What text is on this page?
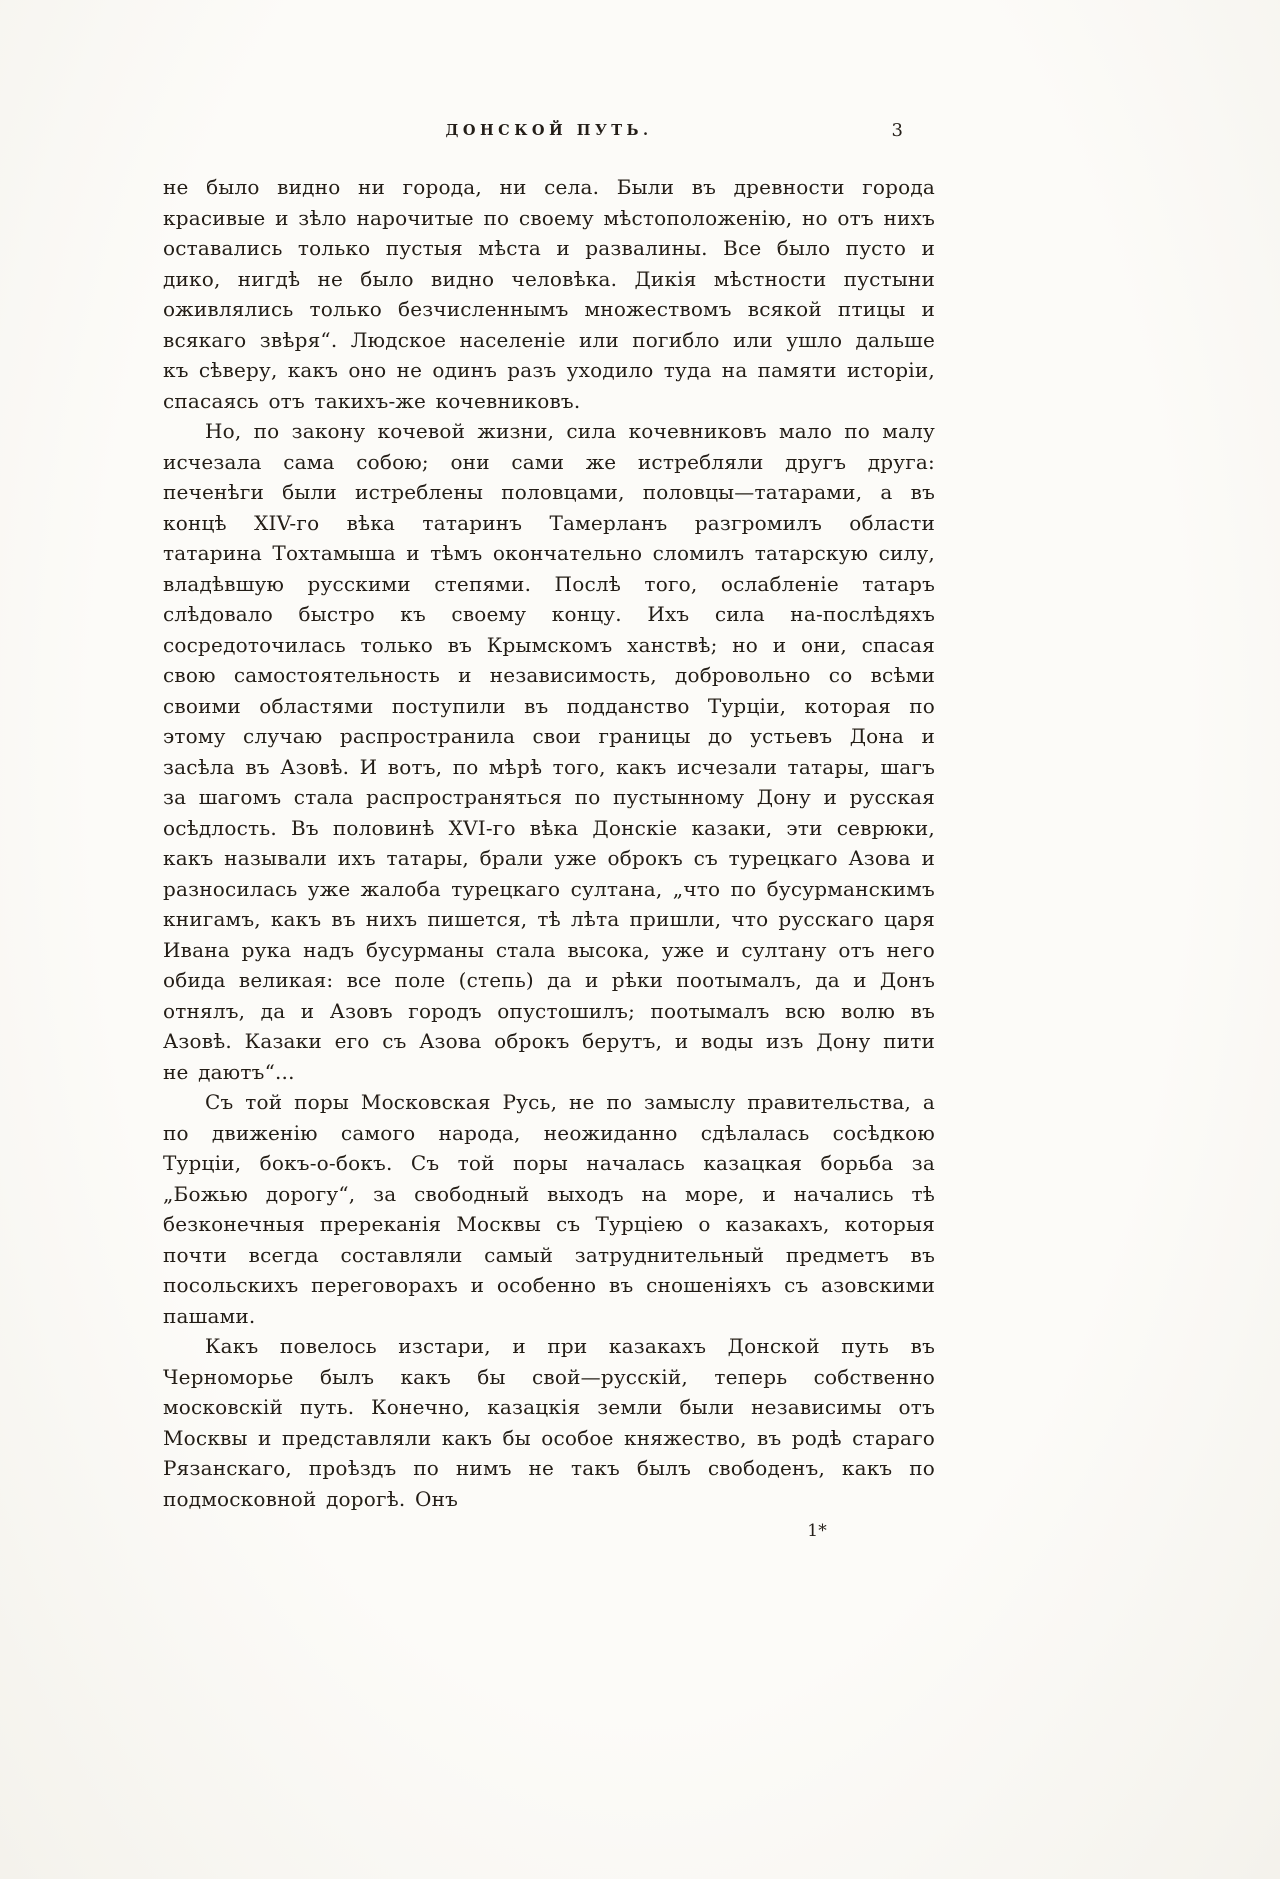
ДОНСКОЙ ПУТЬ.	3

не было видно ни города, ни села. Были въ древности города красивые и зѣло нарочитые по своему мѣстоположенію, но отъ нихъ оставались только пустыя мѣста и развалины. Все было пусто и дико, нигдѣ не было видно человѣка. Дикія мѣстности пустыни оживлялись только безчисленнымъ множествомъ всякой птицы и всякаго звѣря“. Людское населеніе или погибло или ушло дальше къ сѣверу, какъ оно не одинъ разъ уходило туда на памяти исторіи, спасаясь отъ такихъ-же кочевниковъ.

Но, по закону кочевой жизни, сила кочевниковъ мало по малу исчезала сама собою; они сами же истребляли другъ друга: печенѣги были истреблены половцами, половцы—татарами, а въ концѣ XIV-го вѣка татаринъ Тамерланъ разгромилъ области татарина Тохтамыша и тѣмъ окончательно сломилъ татарскую силу, владѣвшую русскими степями. Послѣ того, ослабленіе татаръ слѣдовало быстро къ своему концу. Ихъ сила на-послѣдяхъ сосредоточилась только въ Крымскомъ ханствѣ; но и они, спасая свою самостоятельность и независимость, добровольно со всѣми своими областями поступили въ подданство Турціи, которая по этому случаю распространила свои границы до устьевъ Дона и засѣла въ Азовѣ. И вотъ, по мѣрѣ того, какъ исчезали татары, шагъ за шагомъ стала распространяться по пустынному Дону и русская осѣдлость. Въ половинѣ XVI-го вѣка Донскіе казаки, эти севрюки, какъ называли ихъ татары, брали уже оброкъ съ турецкаго Азова и разносилась уже жалоба турецкаго султана, „что по бусурманскимъ книгамъ, какъ въ нихъ пишется, тѣ лѣта пришли, что русскаго царя Ивана рука надъ бусурманы стала высока, уже и султану отъ него обида великая: все поле (степь) да и рѣки поотымалъ, да и Донъ отнялъ, да и Азовъ городъ опустошилъ; поотымалъ всю волю въ Азовѣ. Казаки его съ Азова оброкъ берутъ, и воды изъ Дону пити не даютъ“...

Съ той поры Московская Русь, не по замыслу правительства, а по движенію самого народа, неожиданно сдѣлалась сосѣдкою Турціи, бокъ-о-бокъ. Съ той поры началась казацкая борьба за „Божью дорогу“, за свободный выходъ на море, и начались тѣ безконечныя пререканія Москвы съ Турціею о казакахъ, которыя почти всегда составляли самый затруднительный предметъ въ посольскихъ переговорахъ и особенно въ сношеніяхъ съ азовскими пашами.

Какъ повелось изстари, и при казакахъ Донской путь въ Черноморье былъ какъ бы свой—русскій, теперь собственно московскій путь. Конечно, казацкія земли были независимы отъ Москвы и представляли какъ бы особое княжество, въ родѣ стараго Рязанскаго, проѣздъ по нимъ не такъ былъ свободенъ, какъ по подмосковной дорогѣ. Онъ

1*
